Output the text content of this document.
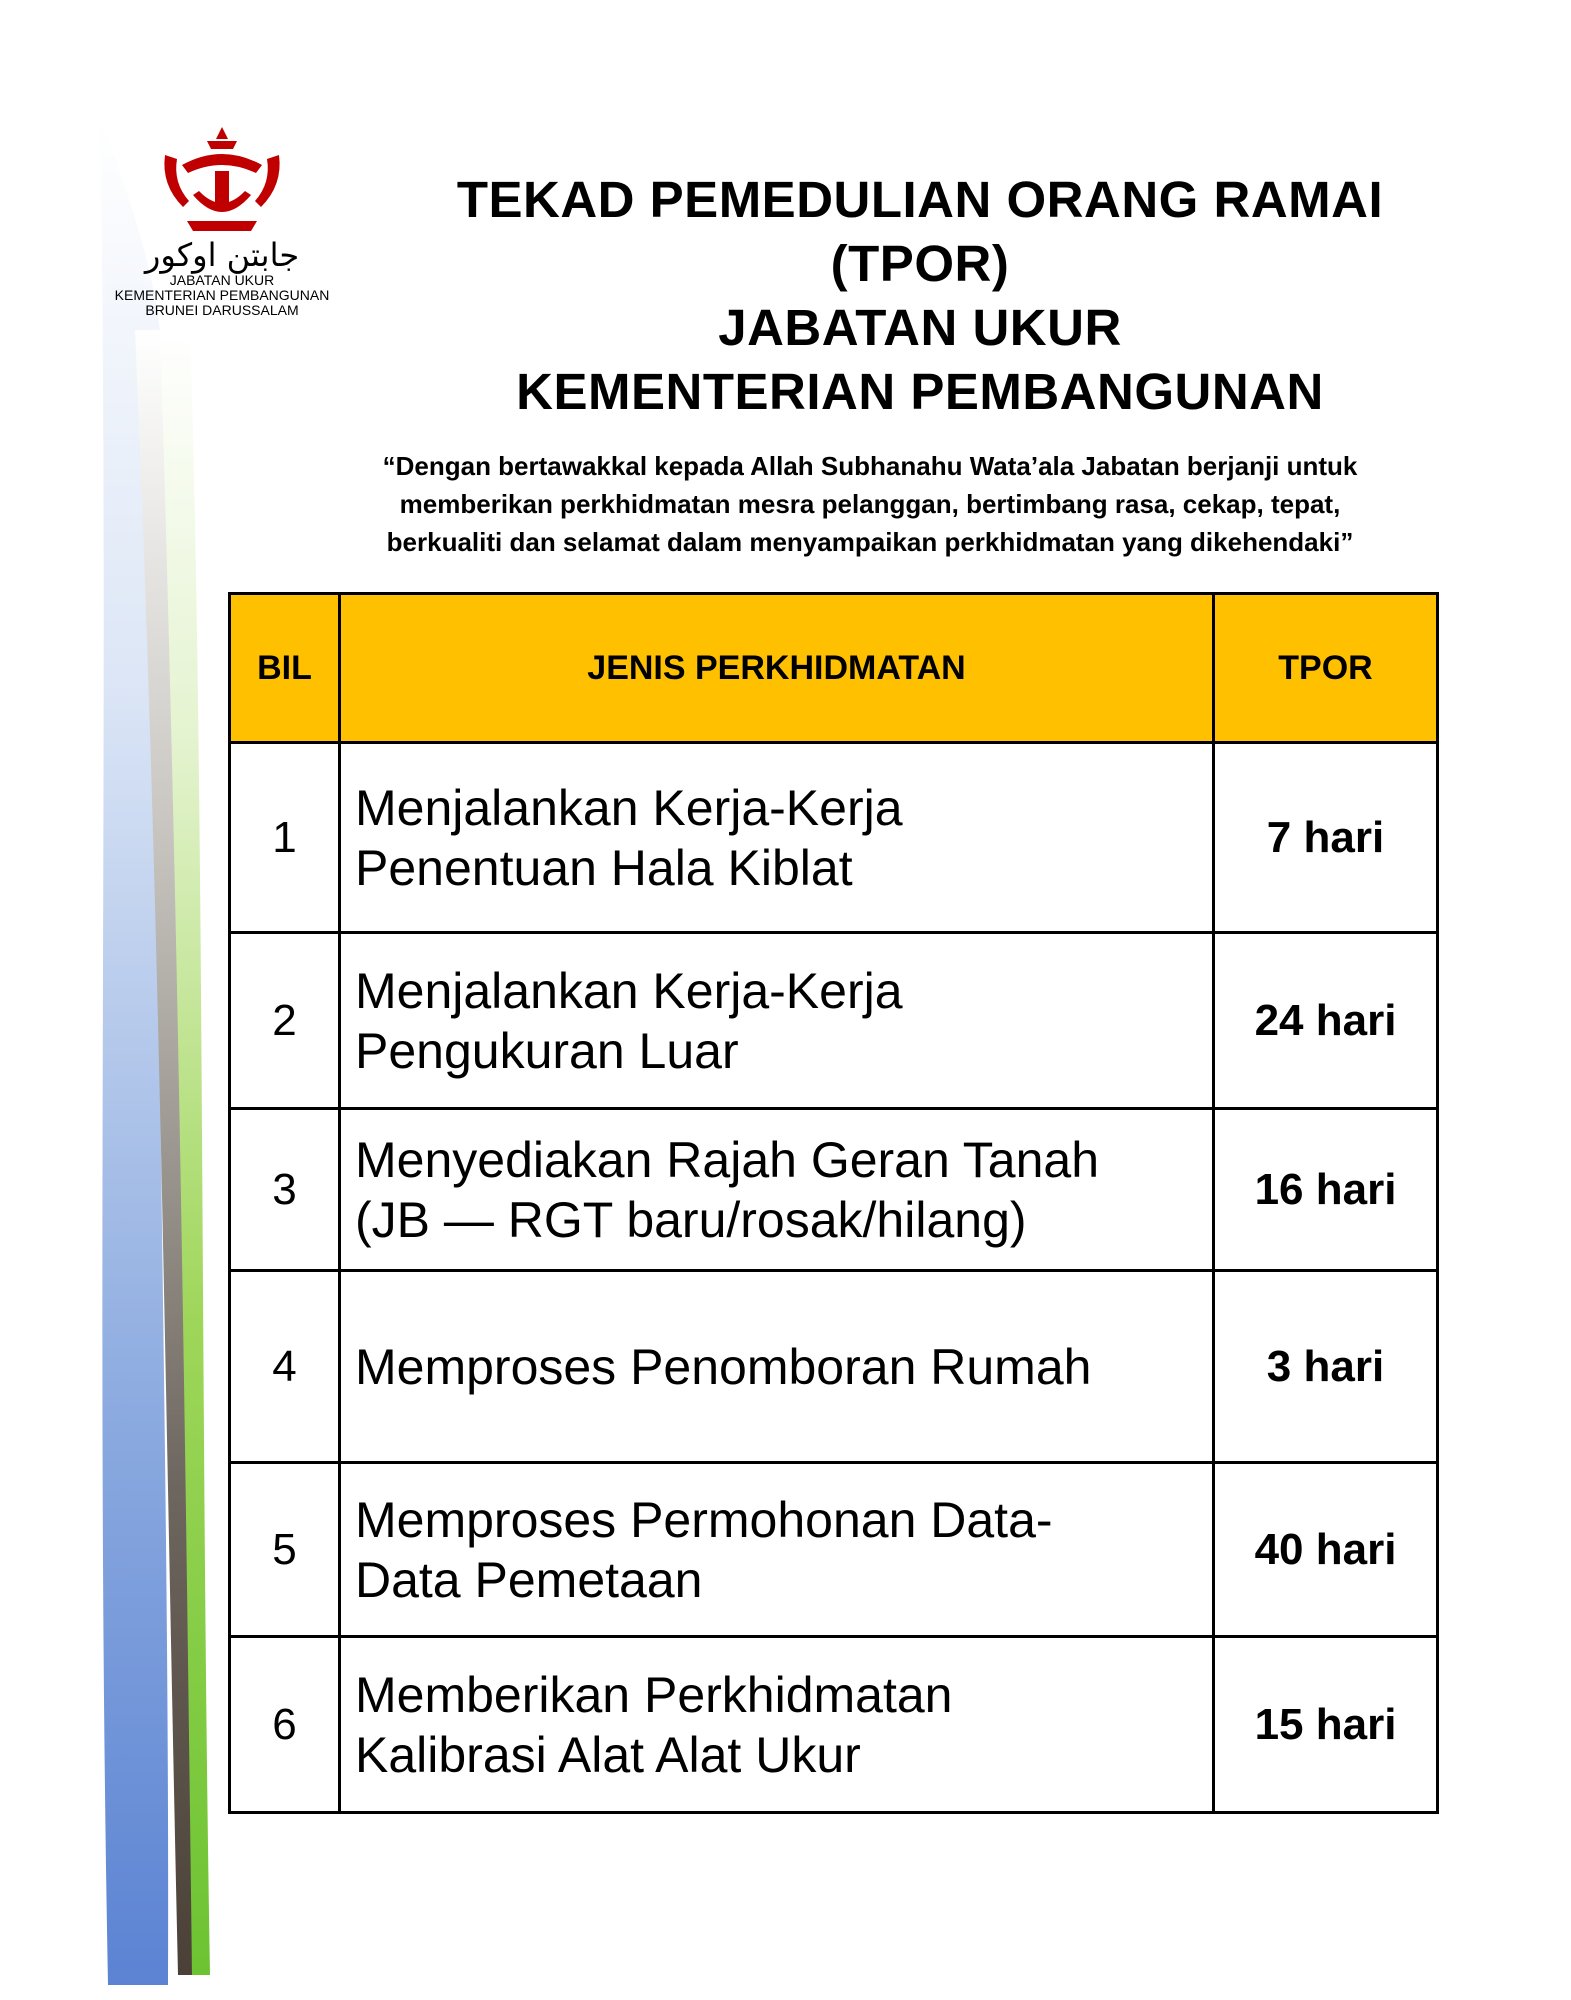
جابتن اوكور
JABATAN UKUR
KEMENTERIAN PEMBANGUNAN
BRUNEI DARUSSALAM
TEKAD PEMEDULIAN ORANG RAMAI
(TPOR)
JABATAN UKUR
KEMENTERIAN PEMBANGUNAN
“Dengan bertawakkal kepada Allah Subhanahu Wata’ala Jabatan berjanji untuk
memberikan perkhidmatan mesra pelanggan, bertimbang rasa, cekap, tepat,
berkualiti dan selamat dalam menyampaikan perkhidmatan yang dikehendaki”
BIL	JENIS PERKHIDMATAN	TPOR
1	Menjalankan Kerja-Kerja
Penentuan Hala Kiblat	7 hari
2	Menjalankan Kerja-Kerja
Pengukuran Luar	24 hari
3	Menyediakan Rajah Geran Tanah
(JB — RGT baru/rosak/hilang)	16 hari
4	Memproses Penomboran Rumah	3 hari
5	Memproses Permohonan Data-
Data Pemetaan	40 hari
6	Memberikan Perkhidmatan
Kalibrasi Alat Alat Ukur	15 hari
